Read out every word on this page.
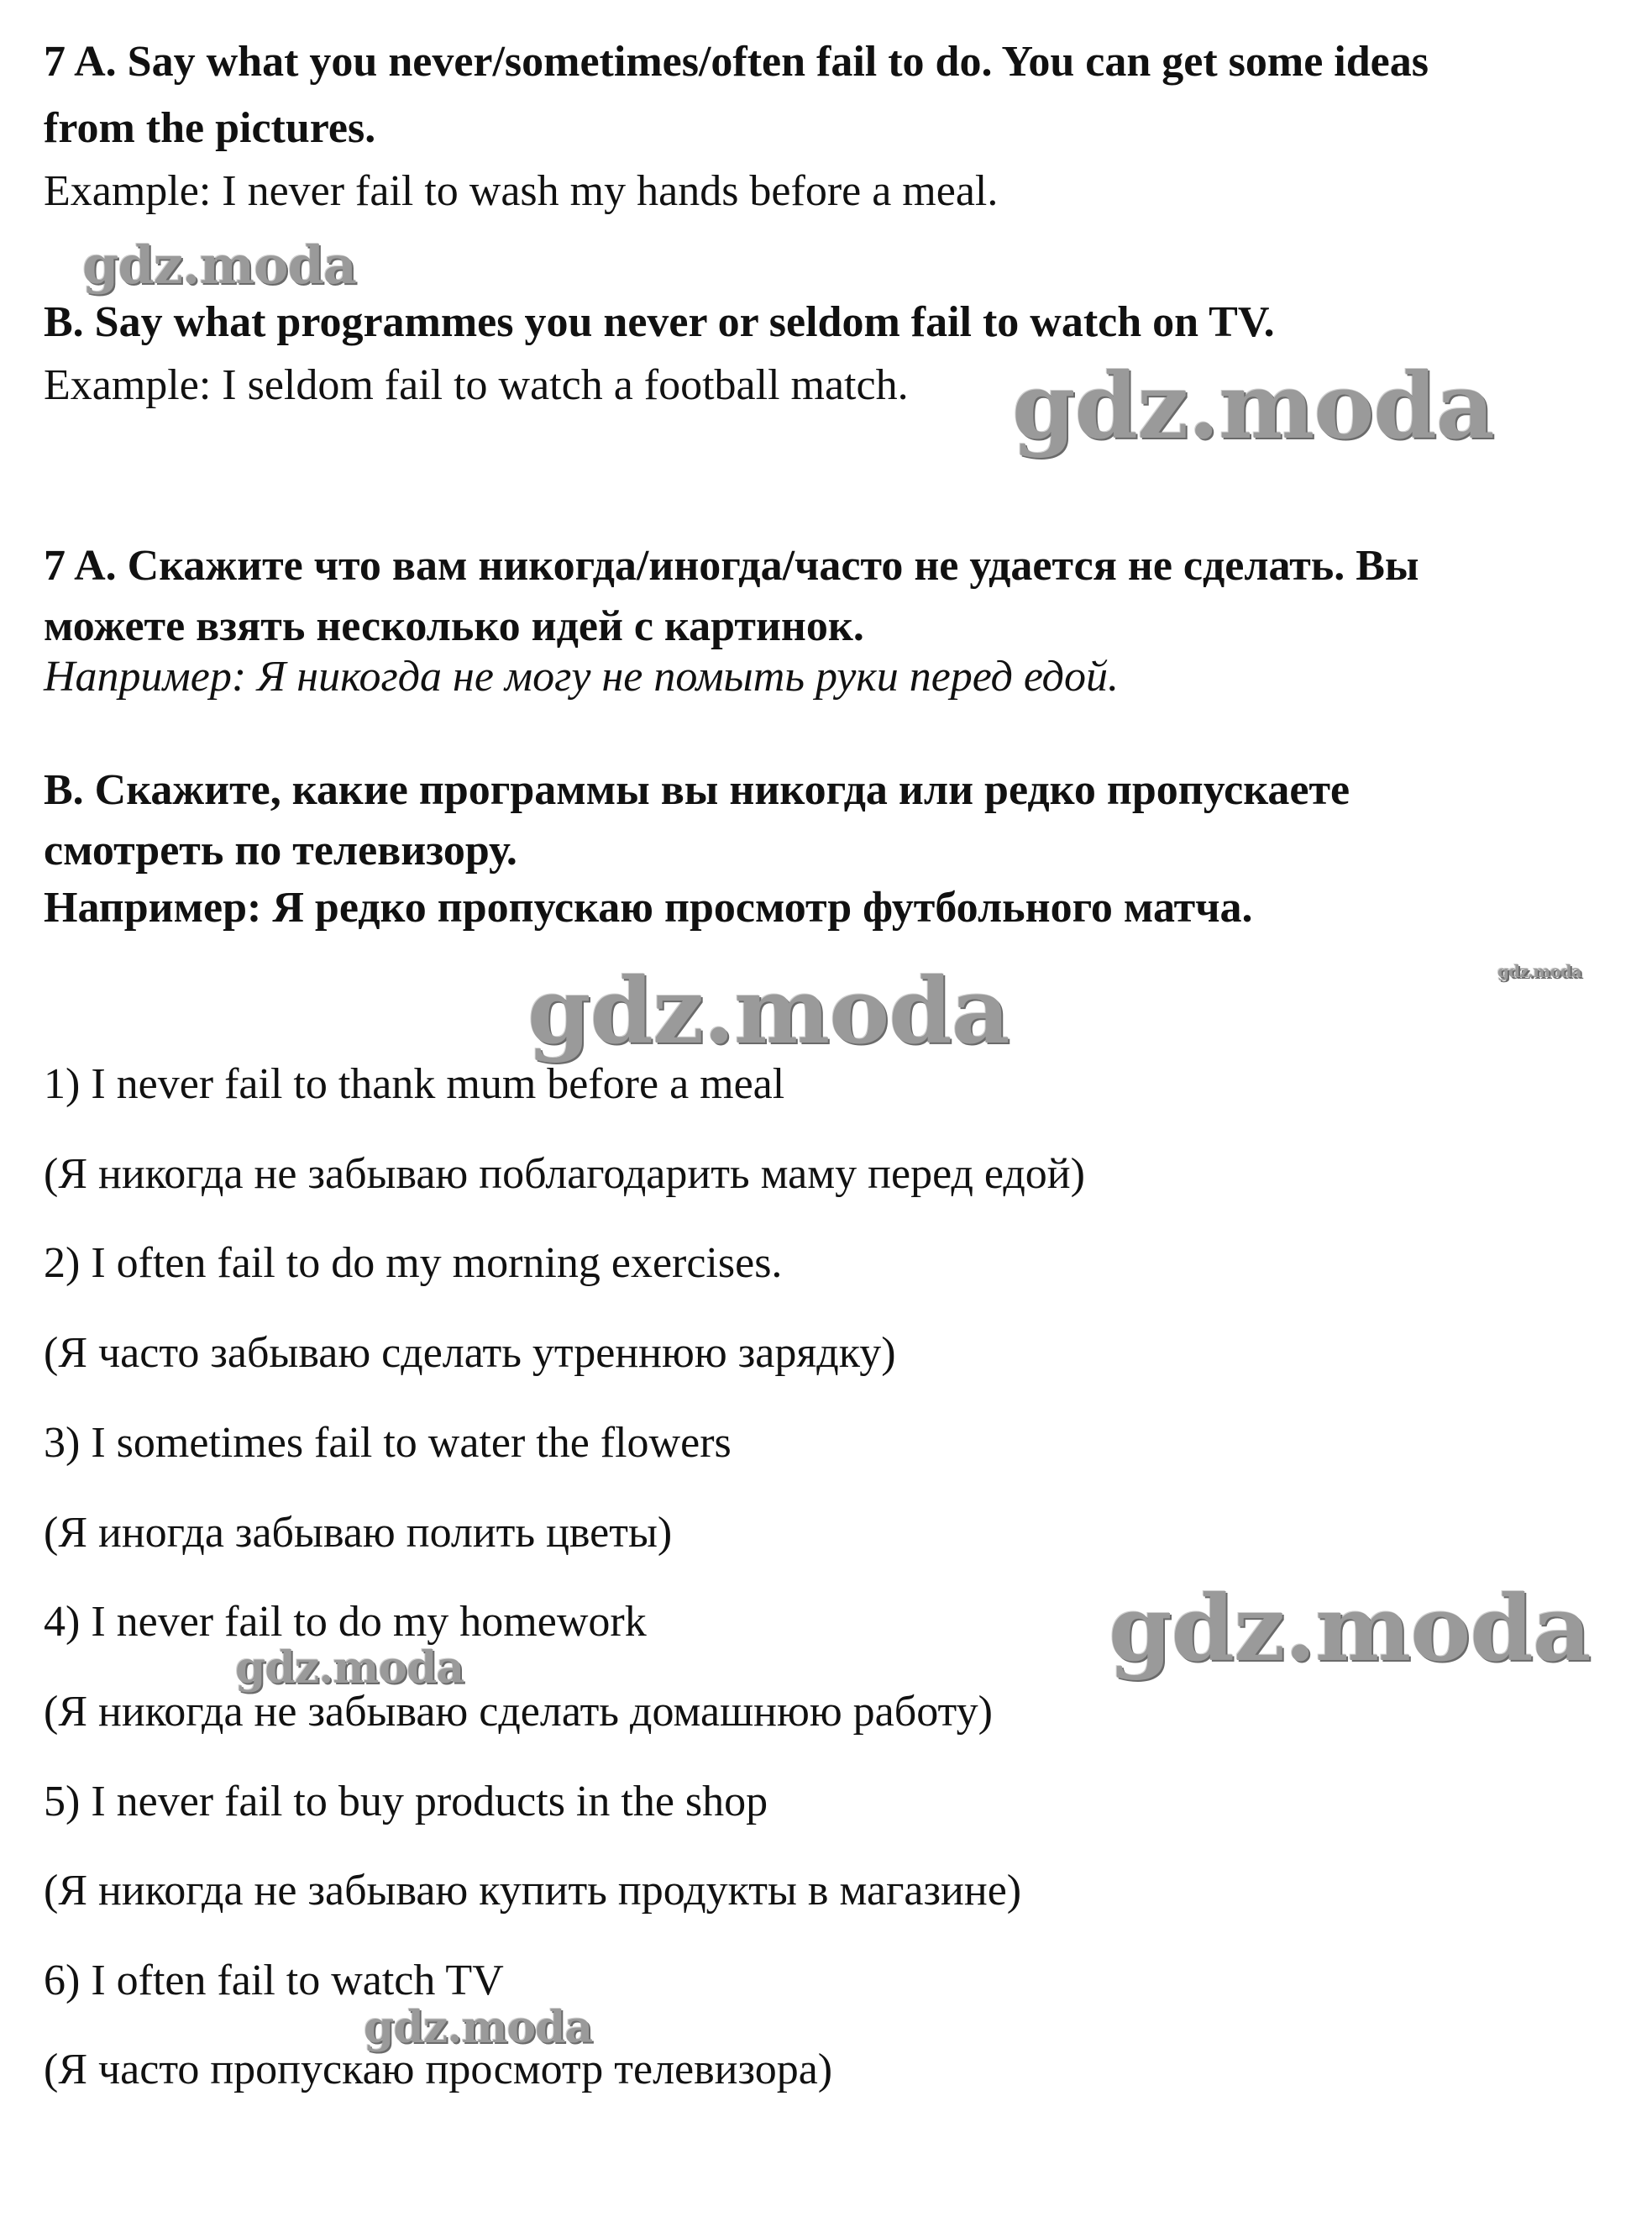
7 A. Say what you never/sometimes/often fail to do. You can get some ideas
from the pictures.
Example: I never fail to wash my hands before a meal.
B. Say what programmes you never or seldom fail to watch on TV.
Example: I seldom fail to watch a football match.
7 A. Скажите что вам никогда/иногда/часто не удается не сделать. Вы
можете взять несколько идей с картинок.
Например: Я никогда не могу не помыть руки перед едой.
B. Скажите, какие программы вы никогда или редко пропускаете
смотреть по телевизору.
Например: Я редко пропускаю просмотр футбольного матча.
1) I never fail to thank mum before a meal
(Я никогда не забываю поблагодарить маму перед едой)
2) I often fail to do my morning exercises.
(Я часто забываю сделать утреннюю зарядку)
3) I sometimes fail to water the flowers
(Я иногда забываю полить цветы)
4) I never fail to do my homework
(Я никогда не забываю сделать домашнюю работу)
5) I never fail to buy products in the shop
(Я никогда не забываю купить продукты в магазине)
6) I often fail to watch TV
(Я часто пропускаю просмотр телевизора)
gdz.moda
gdz.moda
gdz.moda
gdz.moda
gdz.moda
gdz.moda
gdz.moda
